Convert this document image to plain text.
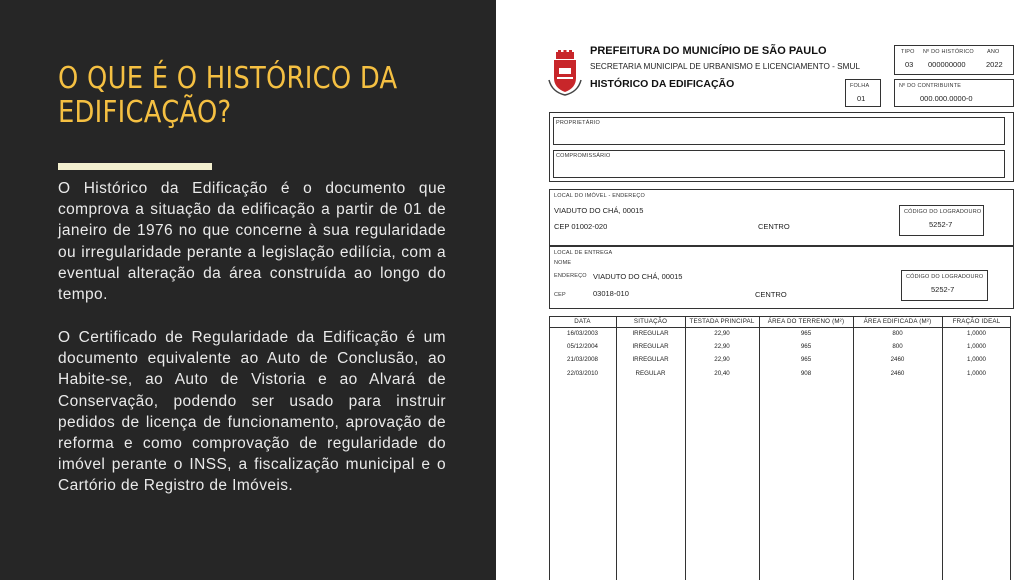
O QUE É O HISTÓRICO DA EDIFICAÇÃO?

O Histórico da Edificação é o documento que comprova a situação da edificação a partir de 01 de janeiro de 1976 no que concerne à sua regularidade ou irregularidade perante a legislação edilícia, com a eventual alteração da área construída ao longo do tempo.

O Certificado de Regularidade da Edificação é um documento equivalente ao Auto de Conclusão, ao Habite-se, ao Auto de Vistoria e ao Alvará de Conservação, podendo ser usado para instruir pedidos de licença de funcionamento, aprovação de reforma e como comprovação de regularidade do imóvel perante o INSS, a fiscalização municipal e o Cartório de Registro de Imóveis.

PREFEITURA DO MUNICÍPIO DE SÃO PAULO
SECRETARIA MUNICIPAL DE URBANISMO E LICENCIAMENTO - SMUL
HISTÓRICO DA EDIFICAÇÃO
TIPO
03
Nº DO HISTÓRICO
000000000
ANO
2022
FOLHA
01
Nº DO CONTRIBUINTE
000.000.0000-0
PROPRIETÁRIO
COMPROMISSÁRIO
LOCAL DO IMÓVEL - ENDEREÇO
VIADUTO DO CHÁ, 00015
CEP 01002-020	CENTRO
CÓDIGO DO LOGRADOURO
5252-7
LOCAL DE ENTREGA
NOME
ENDEREÇO VIADUTO DO CHÁ, 00015
CEP	03018-010	CENTRO
CÓDIGO DO LOGRADOURO
5252-7
DATA	SITUAÇÃO	TESTADA PRINCIPAL	ÁREA DO TERRENO (M²)	ÁREA EDIFICADA (M²)	FRAÇÃO IDEAL
16/03/2003	IRREGULAR	22,90	965	800	1,0000
05/12/2004	IRREGULAR	22,90	965	800	1,0000
21/03/2008	IRREGULAR	22,90	965	2460	1,0000
22/03/2010	REGULAR	20,40	908	2460	1,0000
